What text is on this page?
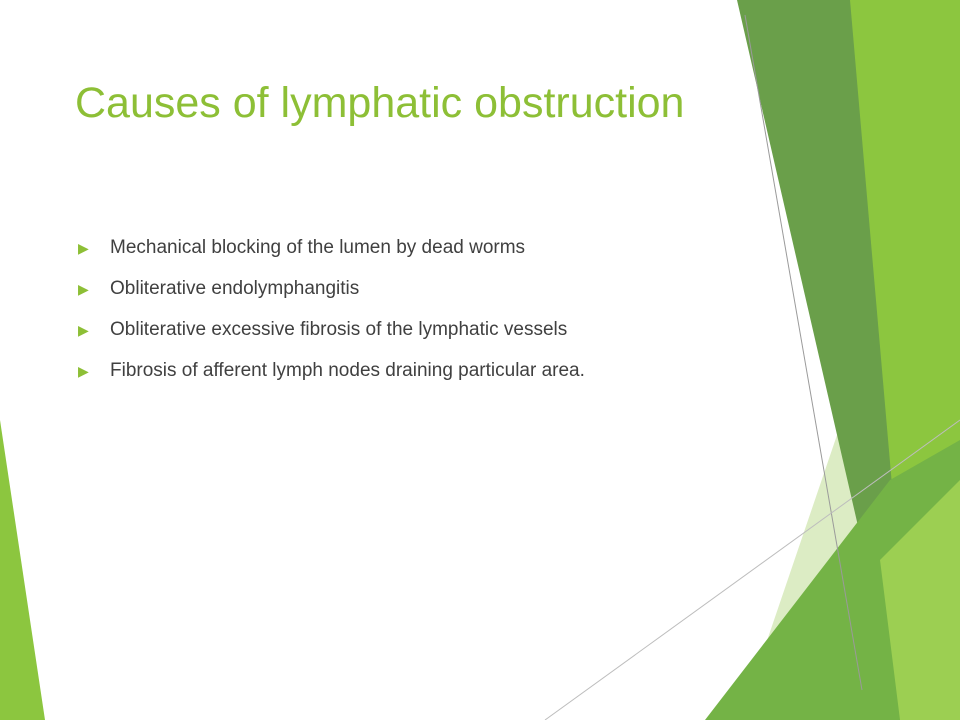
Causes of lymphatic obstruction
▶	Mechanical blocking of the lumen by dead worms
▶	Obliterative endolymphangitis
▶	Obliterative excessive fibrosis of the lymphatic vessels
▶	Fibrosis of afferent lymph nodes draining particular area.
